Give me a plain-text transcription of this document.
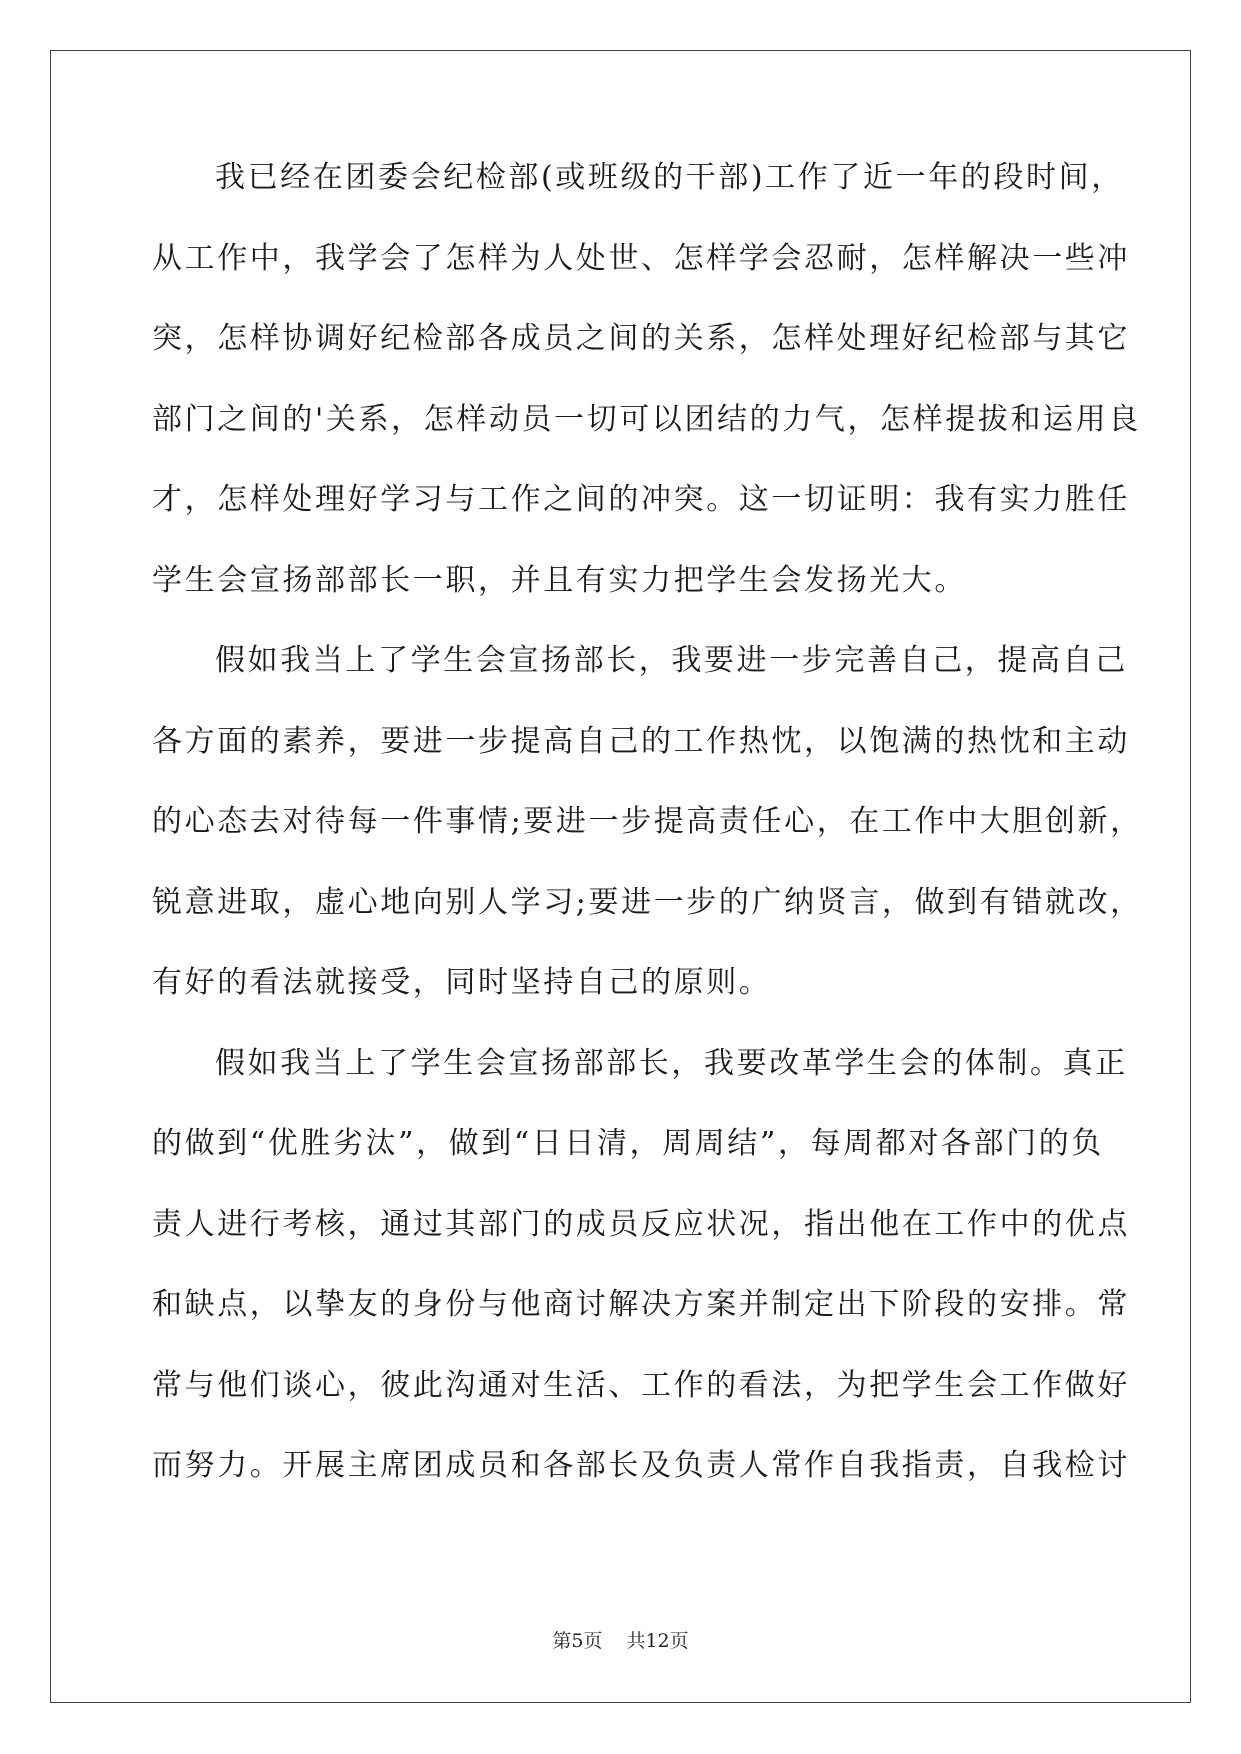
我已经在团委会纪检部(或班级的干部)工作了近一年的段时间，
从工作中，我学会了怎样为人处世、怎样学会忍耐，怎样解决一些冲
突，怎样协调好纪检部各成员之间的关系，怎样处理好纪检部与其它
部门之间的'关系，怎样动员一切可以团结的力气，怎样提拔和运用良
才，怎样处理好学习与工作之间的冲突。这一切证明：我有实力胜任
学生会宣扬部部长一职，并且有实力把学生会发扬光大。
假如我当上了学生会宣扬部长，我要进一步完善自己，提高自己
各方面的素养，要进一步提高自己的工作热忱，以饱满的热忱和主动
的心态去对待每一件事情;要进一步提高责任心，在工作中大胆创新，
锐意进取，虚心地向别人学习;要进一步的广纳贤言，做到有错就改，
有好的看法就接受，同时坚持自己的原则。
假如我当上了学生会宣扬部部长，我要改革学生会的体制。真正
的做到“优胜劣汰”，做到“日日清，周周结”，每周都对各部门的负
责人进行考核，通过其部门的成员反应状况，指出他在工作中的优点
和缺点，以挚友的身份与他商讨解决方案并制定出下阶段的安排。常
常与他们谈心，彼此沟通对生活、工作的看法，为把学生会工作做好
而努力。开展主席团成员和各部长及负责人常作自我指责，自我检讨
第5页 共12页
